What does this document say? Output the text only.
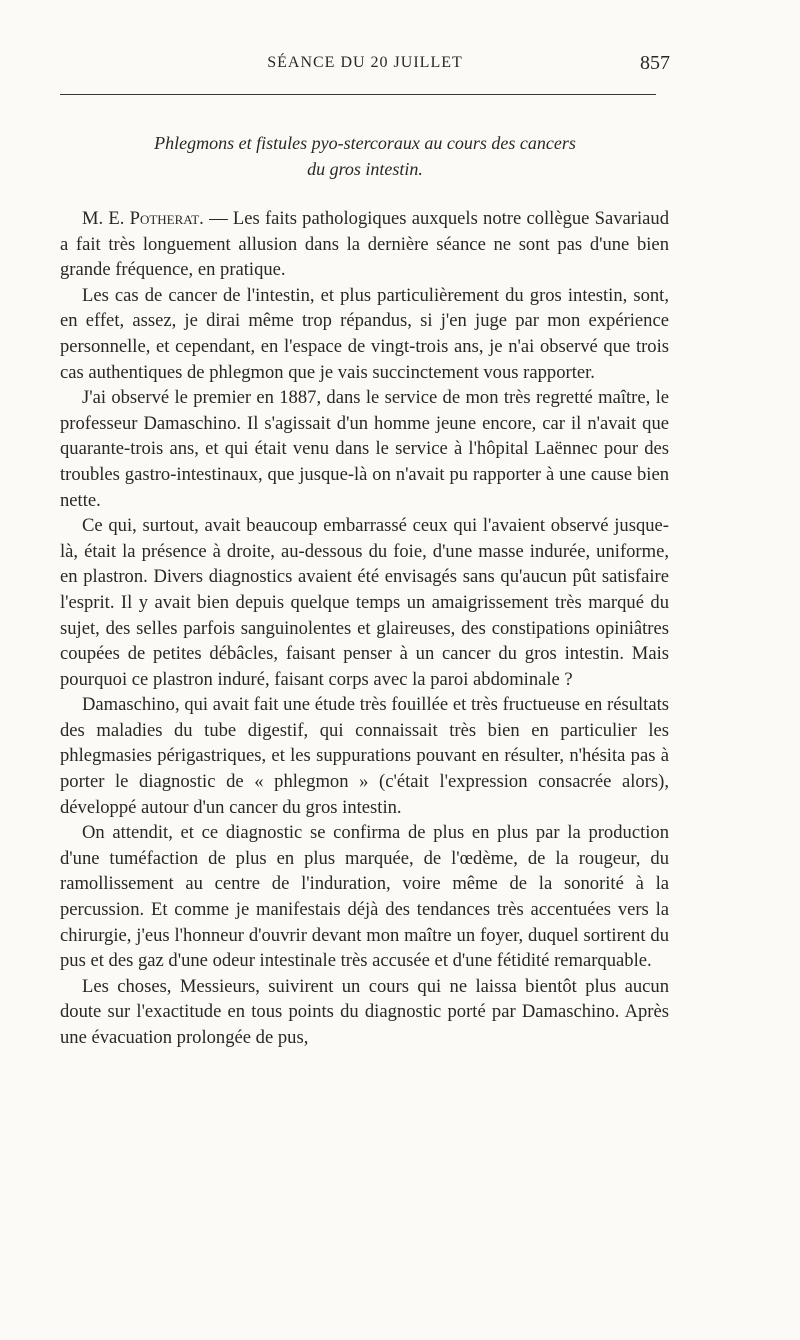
SÉANCE DU 20 JUILLET	857
Phlegmons et fistules pyo-stercoraux au cours des cancers
du gros intestin.

M. E. Potherat. — Les faits pathologiques auxquels notre collègue Savariaud a fait très longuement allusion dans la dernière séance ne sont pas d'une bien grande fréquence, en pratique.

Les cas de cancer de l'intestin, et plus particulièrement du gros intestin, sont, en effet, assez, je dirai même trop répandus, si j'en juge par mon expérience personnelle, et cependant, en l'espace de vingt-trois ans, je n'ai observé que trois cas authentiques de phlegmon que je vais succinctement vous rapporter.

J'ai observé le premier en 1887, dans le service de mon très regretté maître, le professeur Damaschino. Il s'agissait d'un homme jeune encore, car il n'avait que quarante-trois ans, et qui était venu dans le service à l'hôpital Laënnec pour des troubles gastro-intestinaux, que jusque-là on n'avait pu rapporter à une cause bien nette.

Ce qui, surtout, avait beaucoup embarrassé ceux qui l'avaient observé jusque-là, était la présence à droite, au-dessous du foie, d'une masse indurée, uniforme, en plastron. Divers diagnostics avaient été envisagés sans qu'aucun pût satisfaire l'esprit. Il y avait bien depuis quelque temps un amaigrissement très marqué du sujet, des selles parfois sanguinolentes et glaireuses, des constipations opiniâtres coupées de petites débâcles, faisant penser à un cancer du gros intestin. Mais pourquoi ce plastron induré, faisant corps avec la paroi abdominale ?

Damaschino, qui avait fait une étude très fouillée et très fructueuse en résultats des maladies du tube digestif, qui connaissait très bien en particulier les phlegmasies périgastriques, et les suppurations pouvant en résulter, n'hésita pas à porter le diagnostic de « phlegmon » (c'était l'expression consacrée alors), développé autour d'un cancer du gros intestin.

On attendit, et ce diagnostic se confirma de plus en plus par la production d'une tuméfaction de plus en plus marquée, de l'œdème, de la rougeur, du ramollissement au centre de l'induration, voire même de la sonorité à la percussion. Et comme je manifestais déjà des tendances très accentuées vers la chirurgie, j'eus l'honneur d'ouvrir devant mon maître un foyer, duquel sortirent du pus et des gaz d'une odeur intestinale très accusée et d'une fétidité remarquable.

Les choses, Messieurs, suivirent un cours qui ne laissa bientôt plus aucun doute sur l'exactitude en tous points du diagnostic porté par Damaschino. Après une évacuation prolongée de pus,
